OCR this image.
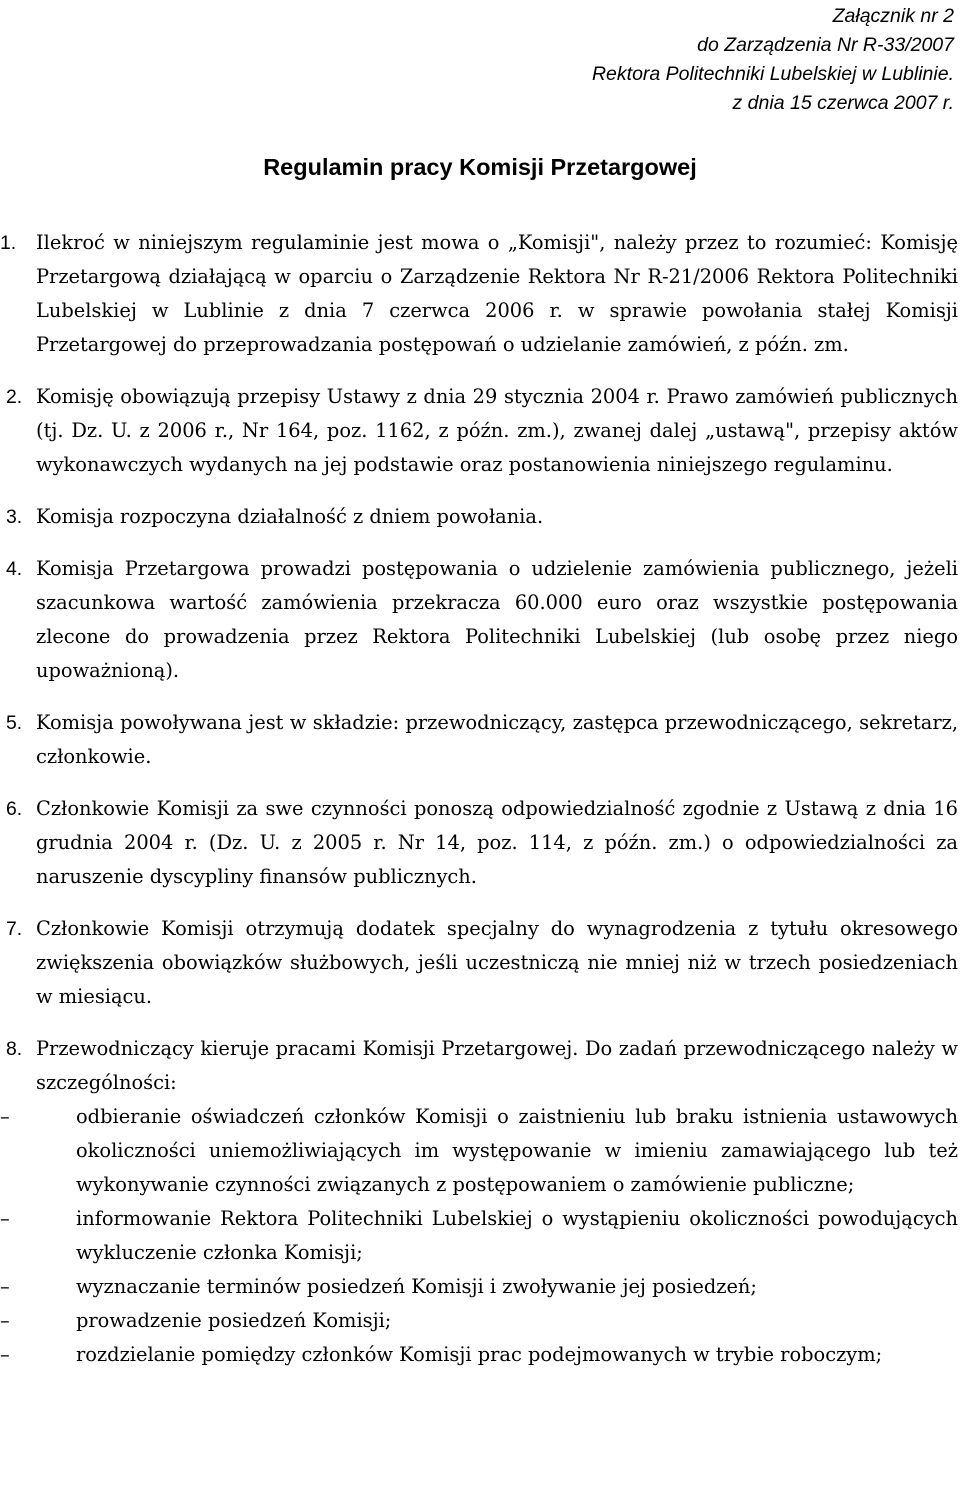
Załącznik nr 2
do Zarządzenia Nr R-33/2007
Rektora Politechniki Lubelskiej w Lublinie.
z dnia 15 czerwca 2007 r.
Regulamin pracy Komisji Przetargowej
1. Ilekroć w niniejszym regulaminie jest mowa o „Komisji", należy przez to rozumieć: Komisję Przetargową działającą w oparciu o Zarządzenie Rektora Nr R-21/2006 Rektora Politechniki Lubelskiej w Lublinie z dnia 7 czerwca 2006 r. w sprawie powołania stałej Komisji Przetargowej do przeprowadzania postępowań o udzielanie zamówień, z późn. zm.
2. Komisję obowiązują przepisy Ustawy z dnia 29 stycznia 2004 r. Prawo zamówień publicznych (tj. Dz. U. z 2006 r., Nr 164, poz. 1162, z późn. zm.), zwanej dalej „ustawą", przepisy aktów wykonawczych wydanych na jej podstawie oraz postanowienia niniejszego regulaminu.
3. Komisja rozpoczyna działalność z dniem powołania.
4. Komisja Przetargowa prowadzi postępowania o udzielenie zamówienia publicznego, jeżeli szacunkowa wartość zamówienia przekracza 60.000 euro oraz wszystkie postępowania zlecone do prowadzenia przez Rektora Politechniki Lubelskiej (lub osobę przez niego upoważnioną).
5. Komisja powoływana jest w składzie: przewodniczący, zastępca przewodniczącego, sekretarz, członkowie.
6. Członkowie Komisji za swe czynności ponoszą odpowiedzialność zgodnie z Ustawą z dnia 16 grudnia 2004 r. (Dz. U. z 2005 r. Nr 14, poz. 114, z późn. zm.) o odpowiedzialności za naruszenie dyscypliny finansów publicznych.
7. Członkowie Komisji otrzymują dodatek specjalny do wynagrodzenia z tytułu okresowego zwiększenia obowiązków służbowych, jeśli uczestniczą nie mniej niż w trzech posiedzeniach w miesiącu.
8. Przewodniczący kieruje pracami Komisji Przetargowej. Do zadań przewodniczącego należy w szczególności:
–	odbieranie oświadczeń członków Komisji o zaistnieniu lub braku istnienia ustawowych okoliczności uniemożliwiających im występowanie w imieniu zamawiającego lub też wykonywanie czynności związanych z postępowaniem o zamówienie publiczne;
–	informowanie Rektora Politechniki Lubelskiej o wystąpieniu okoliczności powodujących wykluczenie członka Komisji;
–	wyznaczanie terminów posiedzeń Komisji i zwoływanie jej posiedzeń;
–	prowadzenie posiedzeń Komisji;
–	rozdzielanie pomiędzy członków Komisji prac podejmowanych w trybie roboczym;
